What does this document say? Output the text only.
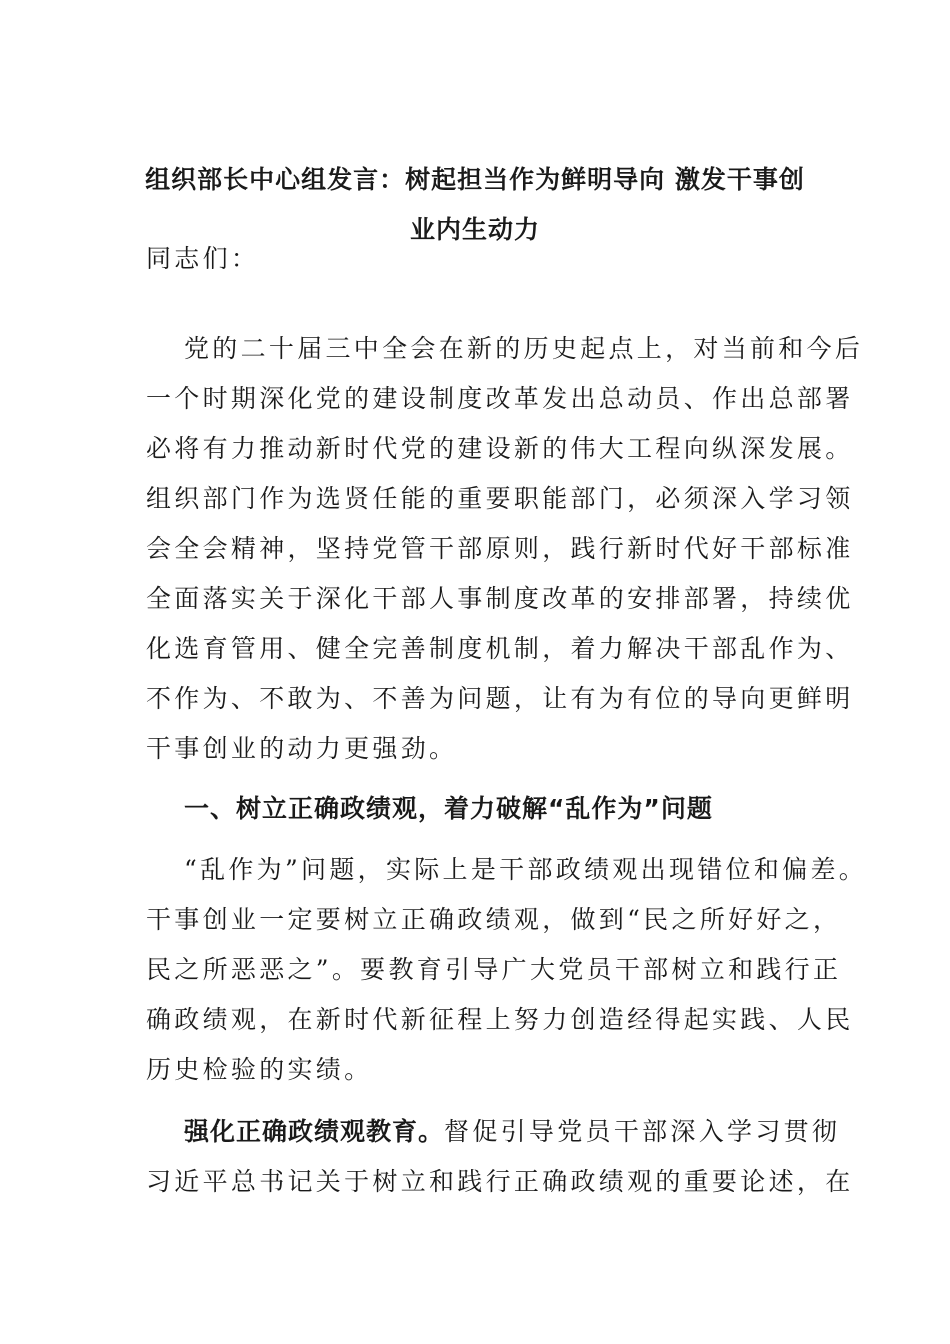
组织部长中心组发言：树起担当作为鲜明导向 激发干事创
业内生动力
同志们：
党的二十届三中全会在新的历史起点上，对当前和今后
一个时期深化党的建设制度改革发出总动员、作出总部署
必将有力推动新时代党的建设新的伟大工程向纵深发展。
组织部门作为选贤任能的重要职能部门，必须深入学习领
会全会精神，坚持党管干部原则，践行新时代好干部标准
全面落实关于深化干部人事制度改革的安排部署，持续优
化选育管用、健全完善制度机制，着力解决干部乱作为、
不作为、不敢为、不善为问题，让有为有位的导向更鲜明
干事创业的动力更强劲。
一、树立正确政绩观，着力破解“乱作为”问题
“乱作为”问题，实际上是干部政绩观出现错位和偏差。
干事创业一定要树立正确政绩观，做到“民之所好好之，
民之所恶恶之”。要教育引导广大党员干部树立和践行正
确政绩观，在新时代新征程上努力创造经得起实践、人民
历史检验的实绩。
强化正确政绩观教育。督促引导党员干部深入学习贯彻
习近平总书记关于树立和践行正确政绩观的重要论述，在
